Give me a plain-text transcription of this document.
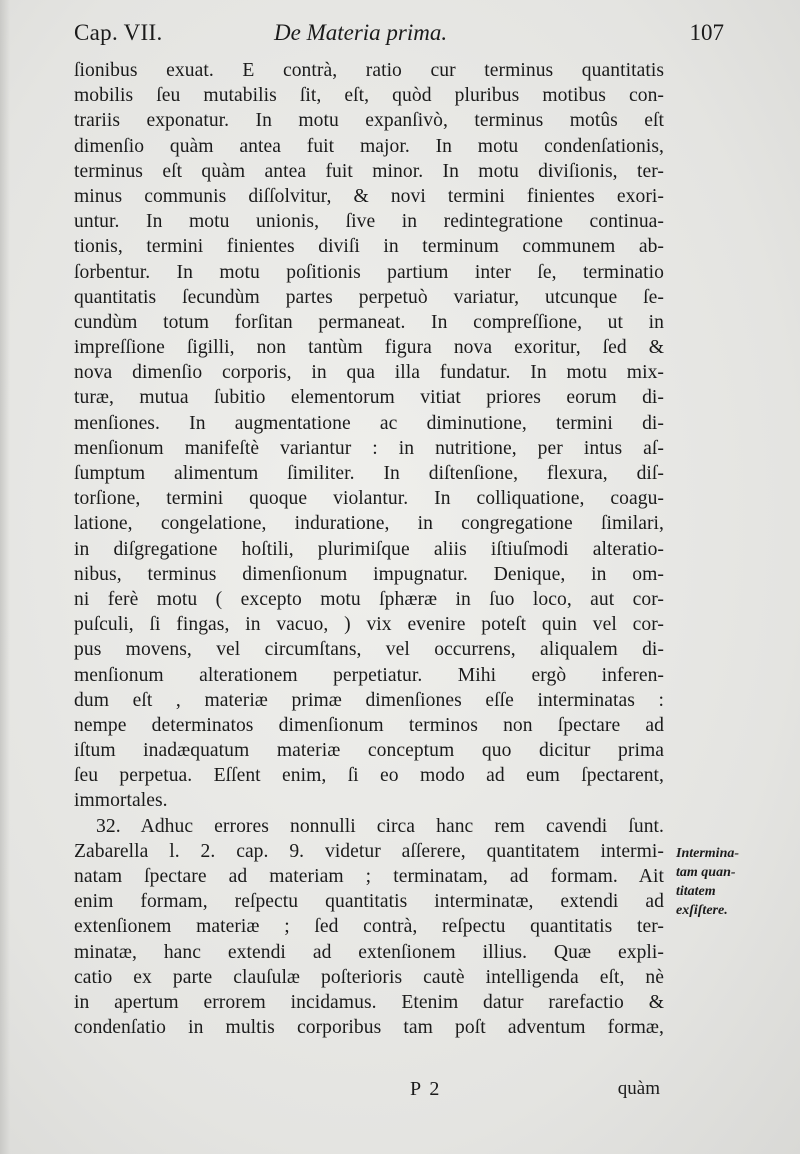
Cap. VII.	De Materia prima.	107
ſionibus exuat. E contrà, ratio cur terminus quantitatis
mobilis ſeu mutabilis ſit, eſt, quòd pluribus motibus con-
trariis exponatur. In motu expanſivò, terminus motûs eſt
dimenſio quàm antea fuit major. In motu condenſationis,
terminus eſt quàm antea fuit minor. In motu diviſionis, ter-
minus communis diſſolvitur, & novi termini finientes exori-
untur. In motu unionis, ſive in redintegratione continua-
tionis, termini finientes diviſi in terminum communem ab-
ſorbentur. In motu poſitionis partium inter ſe, terminatio
quantitatis ſecundùm partes perpetuò variatur, utcunque ſe-
cundùm totum forſitan permaneat. In compreſſione, ut in
impreſſione ſigilli, non tantùm figura nova exoritur, ſed &
nova dimenſio corporis, in qua illa fundatur. In motu mix-
turæ, mutua ſubitio elementorum vitiat priores eorum di-
menſiones. In augmentatione ac diminutione, termini di-
menſionum manifeſtè variantur : in nutritione, per intus aſ-
ſumptum alimentum ſimiliter. In diſtenſione, flexura, diſ-
torſione, termini quoque violantur. In colliquatione, coagu-
latione, congelatione, induratione, in congregatione ſimilari,
in diſgregatione hoſtili, plurimiſque aliis iſtiuſmodi alteratio-
nibus, terminus dimenſionum impugnatur. Denique, in om-
ni ferè motu ( excepto motu ſphæræ in ſuo loco, aut cor-
puſculi, ſi fingas, in vacuo, ) vix evenire poteſt quin vel cor-
pus movens, vel circumſtans, vel occurrens, aliqualem di-
menſionum alterationem perpetiatur. Mihi ergò inferen-
dum eſt , materiæ primæ dimenſiones eſſe interminatas :
nempe determinatos dimenſionum terminos non ſpectare ad
iſtum inadæquatum materiæ conceptum quo dicitur prima
ſeu perpetua. Eſſent enim, ſi eo modo ad eum ſpectarent,
immortales.
32. Adhuc errores nonnulli circa hanc rem cavendi ſunt.
Zabarella l. 2. cap. 9. videtur aſſerere, quantitatem intermi-
natam ſpectare ad materiam ; terminatam, ad formam. Ait
enim formam, reſpectu quantitatis interminatæ, extendi ad
extenſionem materiæ ; ſed contrà, reſpectu quantitatis ter-
minatæ, hanc extendi ad extenſionem illius. Quæ expli-
catio ex parte clauſulæ poſterioris cautè intelligenda eſt, nè
in apertum errorem incidamus. Etenim datur rarefactio &
condenſatio in multis corporibus tam poſt adventum formæ,
Intermina-
tam quan-
titatem
exſiſtere.
P 2	quàm
